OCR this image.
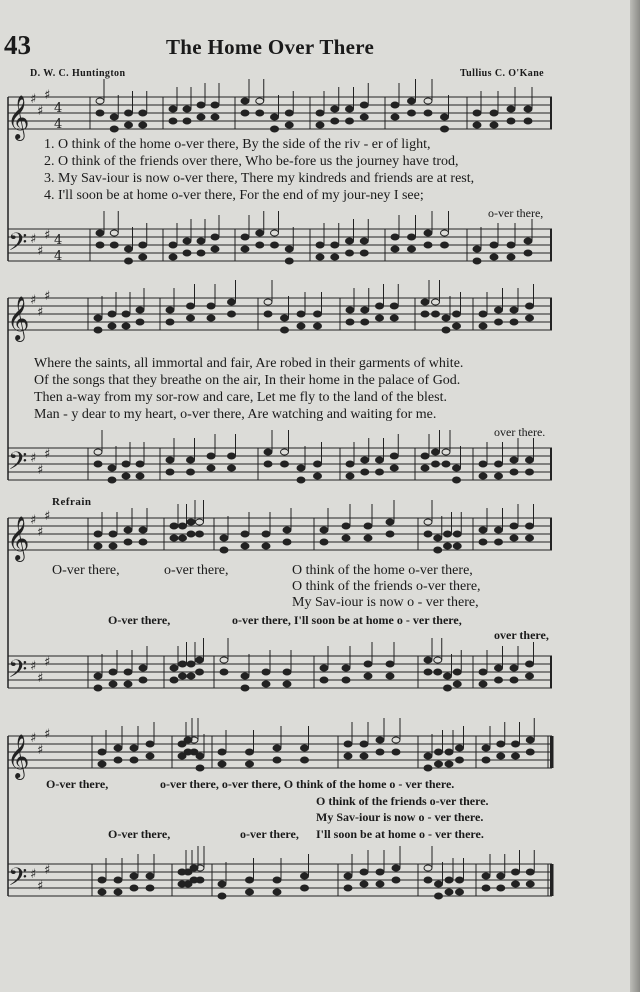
𝄞 ♯
♯
♯
𝄢 ♯
♯
♯
4
4
4
4
𝄞 ♯
♯
♯
𝄢 ♯
♯
♯
𝄞 ♯
♯
♯
𝄢 ♯
♯
♯
𝄞 ♯
♯
♯
𝄢 ♯
♯
♯
43	The Home Over There
D. W. C. Huntington	Tullius C. O'Kane
1. O think of the home o-ver there, By the side of the riv - er of light,
2. O think of the friends over there, Who be-fore us the journey have trod,
3. My Sav-iour is now o-ver there, There my kindreds and friends are at rest,
4. I'll soon be at home o-ver there, For the end of my jour-ney I see;
o-ver there,
Where the saints, all immortal and fair, Are robed in their garments of white.
Of the songs that they breathe on the air, In their home in the palace of God.
Then a-way from my sor-row and care, Let me fly to the land of the blest.
Man - y dear to my heart, o-ver there, Are watching and waiting for me.
over there.
Refrain
O-ver there,	o-ver there,	O think of the home o-ver there,
O think of the friends o-ver there,
My Sav-iour is now o - ver there,
O-ver there,	o-ver there, I'll soon be at home o - ver there,
over there,
O-ver there,	o-ver there, o-ver there, O think of the home o - ver there.
O think of the friends o-ver there.
My Sav-iour is now o - ver there.
O-ver there,	o-ver there, I'll soon be at home o - ver there.
